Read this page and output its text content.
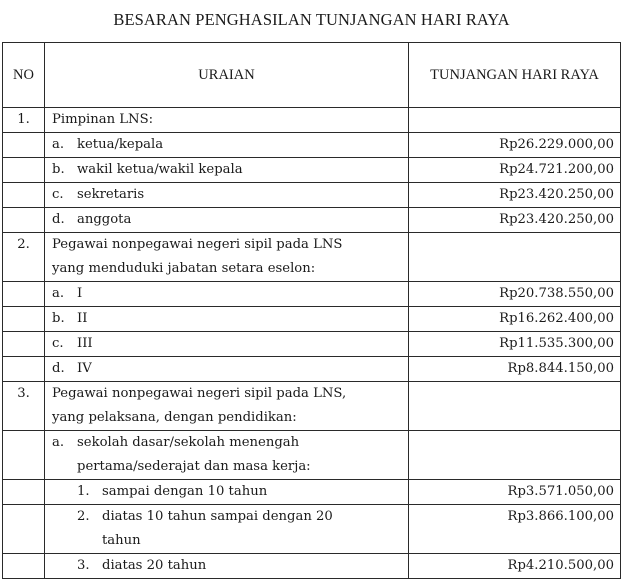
BESARAN PENGHASILAN TUNJANGAN HARI RAYA
NO	URAIAN	TUNJANGAN HARI RAYA
1.	Pimpinan LNS:	

	a. ketua/kepala	Rp26.229.000,00

	b. wakil ketua/wakil kepala	Rp24.721.200,00

	c. sekretaris	Rp23.420.250,00

	d. anggota	Rp23.420.250,00
2.	Pegawai nonpegawai negeri sipil pada LNS yang menduduki jabatan setara eselon:	

	a. I	Rp20.738.550,00

	b. II	Rp16.262.400,00

	c. III	Rp11.535.300,00

	d. IV	Rp8.844.150,00
3.	Pegawai nonpegawai negeri sipil pada LNS, yang pelaksana, dengan pendidikan:	

	a. sekolah dasar/sekolah menengah pertama/sederajat dan masa kerja:	

	1. sampai dengan 10 tahun	Rp3.571.050,00

	2. diatas 10 tahun sampai dengan 20 tahun	Rp3.866.100,00

	3. diatas 20 tahun	Rp4.210.500,00
